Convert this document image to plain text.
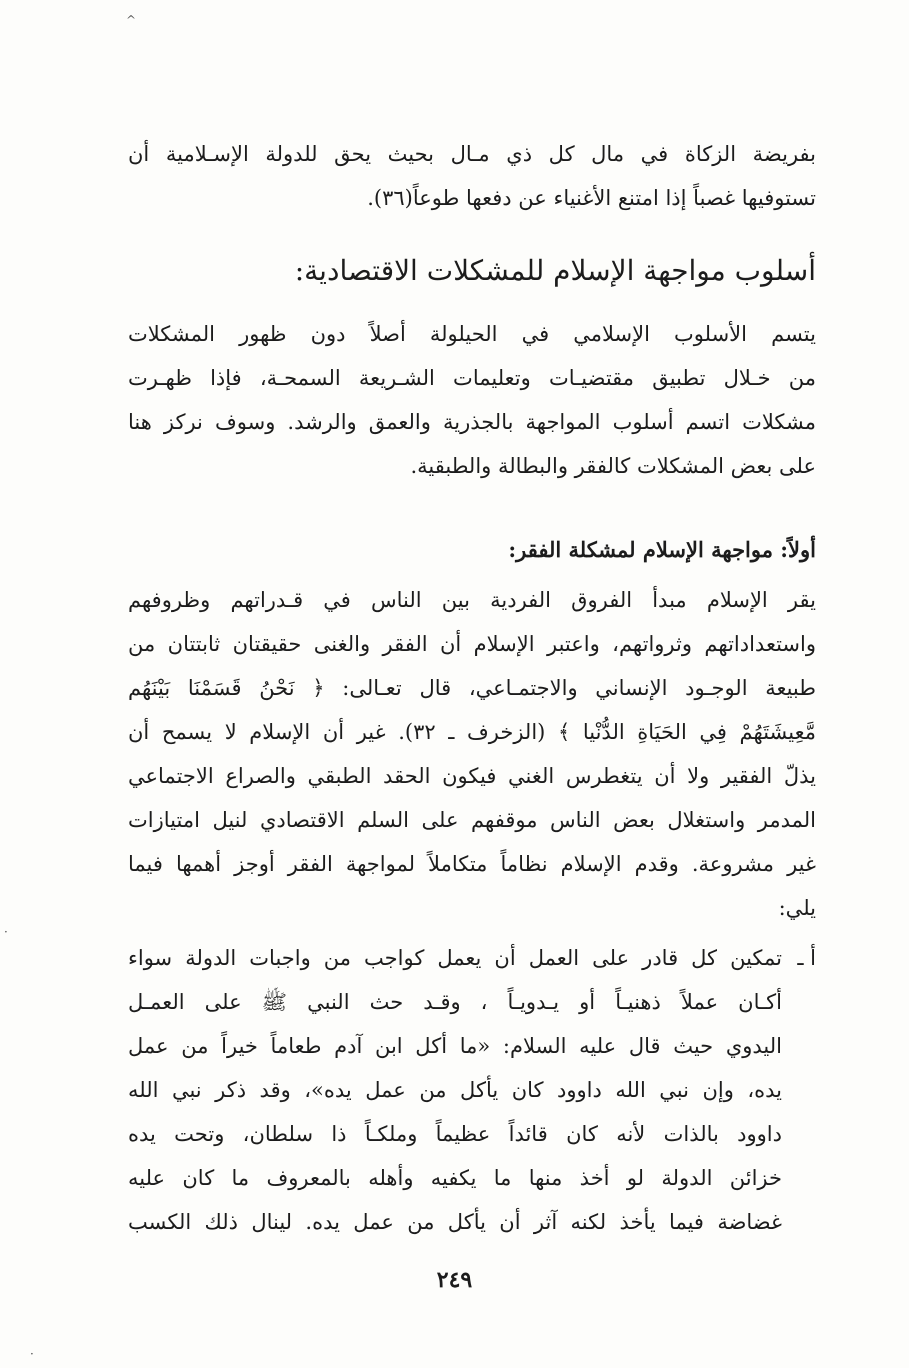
^
·
·
بفريضة الزكاة في مال كل ذي مـال بحيث يحق للدولة الإسـلامية أن
تستوفيها غصباً إذا امتنع الأغنياء عن دفعها طوعاً(٣٦).
أسلوب مواجهة الإسلام للمشكلات الاقتصادية:
يتسم الأسلوب الإسلامي في الحيلولة أصلاً دون ظهور المشكلات
من خـلال تطبيق مقتضيـات وتعليمات الشـريعة السمحـة، فإذا ظهـرت
مشكلات اتسم أسلوب المواجهة بالجذرية والعمق والرشد. وسوف نركز هنا
على بعض المشكلات كالفقر والبطالة والطبقية.
أولاً: مواجهة الإسلام لمشكلة الفقر:
يقر الإسلام مبدأ الفروق الفردية بين الناس في قـدراتهم وظروفهم
واستعداداتهم وثرواتهم، واعتبر الإسلام أن الفقر والغنى حقيقتان ثابتتان من
طبيعة الوجـود الإنساني والاجتمـاعي، قال تعـالى: ﴿ نَحْنُ قَسَمْنَا بَيْنَهُم
مَّعِيشَتَهُمْ فِي الحَيَاةِ الدُّنْيا ﴾ (الزخرف ـ ٣٢). غير أن الإسلام لا يسمح أن
يذلّ الفقير ولا أن يتغطرس الغني فيكون الحقد الطبقي والصراع الاجتماعي
المدمر واستغلال بعض الناس موقفهم على السلم الاقتصادي لنيل امتيازات
غير مشروعة. وقدم الإسلام نظاماً متكاملاً لمواجهة الفقر أوجز أهمها فيما
يلي:
أ ـ
تمكين كل قادر على العمل أن يعمل كواجب من واجبات الدولة سواء
أكـان عملاً ذهنيـاً أو يـدويـاً ، وقـد حث النبي ﷺ على العمـل
اليدوي حيث قال عليه السلام: «ما أكل ابن آدم طعاماً خيراً من عمل
يده، وإن نبي الله داوود كان يأكل من عمل يده»، وقد ذكر نبي الله
داوود بالذات لأنه كان قائداً عظيماً وملكـاً ذا سلطان، وتحت يده
خزائن الدولة لو أخذ منها ما يكفيه وأهله بالمعروف ما كان عليه
غضاضة فيما يأخذ لكنه آثر أن يأكل من عمل يده. لينال ذلك الكسب
٢٤٩
